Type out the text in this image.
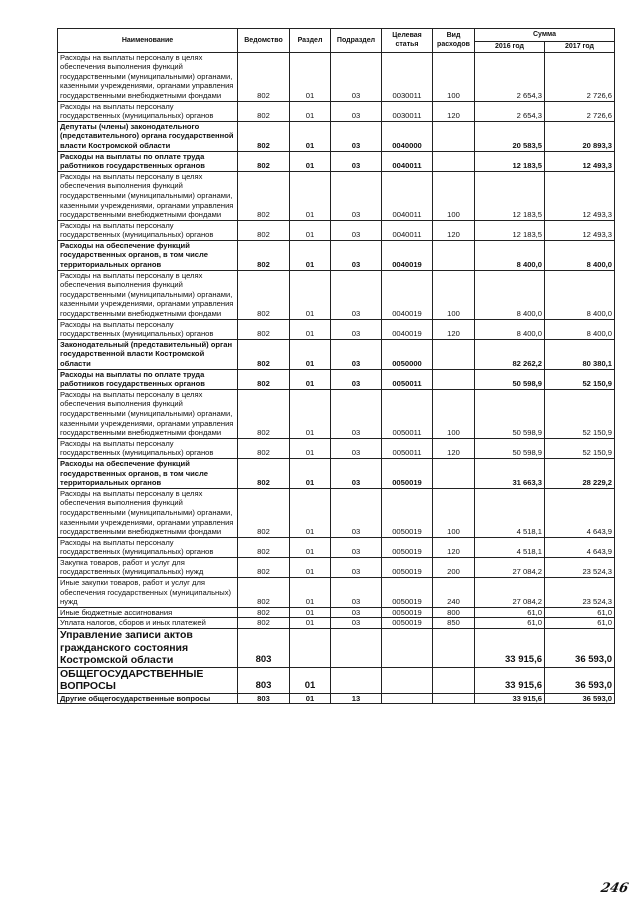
Наименование	Ведомство	Раздел	Подраздел	Целевая статья	Вид расходов	Сумма	
						2016 год	2017 год
Расходы на выплаты персоналу в целях обеспечения выполнения функций государственными (муниципальными) органами, казенными учреждениями, органами управления государственными внебюджетными фондами	802	01	03	0030011	100	2 654,3	2 726,6
Расходы на выплаты персоналу государственных (муниципальных) органов	802	01	03	0030011	120	2 654,3	2 726,6
Депутаты (члены) законодательного (представительного) органа государственной власти Костромской области	802	01	03	0040000		20 583,5	20 893,3
Расходы на выплаты по оплате труда работников государственных органов	802	01	03	0040011		12 183,5	12 493,3
Расходы на выплаты персоналу в целях обеспечения выполнения функций государственными (муниципальными) органами, казенными учреждениями, органами управления государственными внебюджетными фондами	802	01	03	0040011	100	12 183,5	12 493,3
Расходы на выплаты персоналу государственных (муниципальных) органов	802	01	03	0040011	120	12 183,5	12 493,3
Расходы на обеспечение функций государственных органов, в том числе территориальных органов	802	01	03	0040019		8 400,0	8 400,0
Расходы на выплаты персоналу в целях обеспечения выполнения функций государственными (муниципальными) органами, казенными учреждениями, органами управления государственными внебюджетными фондами	802	01	03	0040019	100	8 400,0	8 400,0
Расходы на выплаты персоналу государственных (муниципальных) органов	802	01	03	0040019	120	8 400,0	8 400,0
Законодательный (представительный) орган государственной власти Костромской области	802	01	03	0050000		82 262,2	80 380,1
Расходы на выплаты по оплате труда работников государственных органов	802	01	03	0050011		50 598,9	52 150,9
Расходы на выплаты персоналу в целях обеспечения выполнения функций государственными (муниципальными) органами, казенными учреждениями, органами управления государственными внебюджетными фондами	802	01	03	0050011	100	50 598,9	52 150,9
Расходы на выплаты персоналу государственных (муниципальных) органов	802	01	03	0050011	120	50 598,9	52 150,9
Расходы на обеспечение функций государственных органов, в том числе территориальных органов	802	01	03	0050019		31 663,3	28 229,2
Расходы на выплаты персоналу в целях обеспечения выполнения функций государственными (муниципальными) органами, казенными учреждениями, органами управления государственными внебюджетными фондами	802	01	03	0050019	100	4 518,1	4 643,9
Расходы на выплаты персоналу государственных (муниципальных) органов	802	01	03	0050019	120	4 518,1	4 643,9
Закупка товаров, работ и услуг для государственных (муниципальных) нужд	802	01	03	0050019	200	27 084,2	23 524,3
Иные закупки товаров, работ и услуг для обеспечения государственных (муниципальных) нужд	802	01	03	0050019	240	27 084,2	23 524,3
Иные бюджетные ассигнования	802	01	03	0050019	800	61,0	61,0
Уплата налогов, сборов и иных платежей	802	01	03	0050019	850	61,0	61,0
Управление записи актов гражданского состояния Костромской области	803					33 915,6	36 593,0
ОБЩЕГОСУДАРСТВЕННЫЕ ВОПРОСЫ	803	01				33 915,6	36 593,0
Другие общегосударственные вопросы	803	01	13			33 915,6	36 593,0
246
